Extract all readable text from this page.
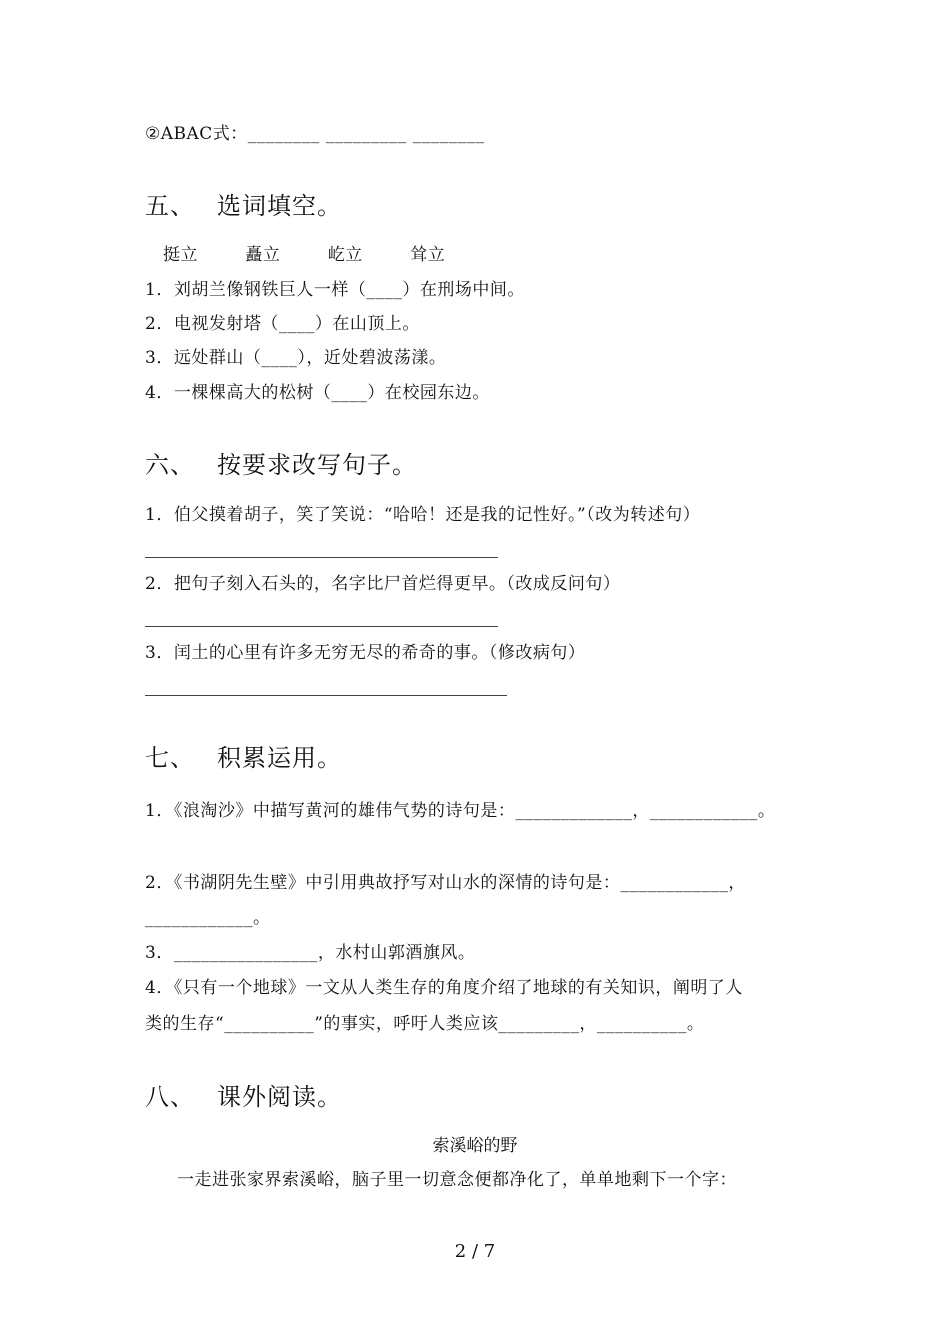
②ABAC式：________ _________ ________
五、 选词填空。
挺立	矗立	屹立	耸立
1．刘胡兰像钢铁巨人一样（____）在刑场中间。
2．电视发射塔（____）在山顶上。
3．远处群山（____），近处碧波荡漾。
4．一棵棵高大的松树（____）在校园东边。
六、 按要求改写句子。
1．伯父摸着胡子，笑了笑说：“哈哈！还是我的记性好。”（改为转述句）
2．把句子刻入石头的，名字比尸首烂得更早。（改成反问句）
3．闰土的心里有许多无穷无尽的希奇的事。（修改病句）
七、 积累运用。
1．《浪淘沙》中描写黄河的雄伟气势的诗句是：_____________，____________。
2．《书湖阴先生壁》中引用典故抒写对山水的深情的诗句是：____________，
____________。
3．________________，水村山郭酒旗风。
4．《只有一个地球》一文从人类生存的角度介绍了地球的有关知识，阐明了人
类的生存“__________”的事实，呼吁人类应该_________，__________。
八、 课外阅读。
索溪峪的野
一走进张家界索溪峪，脑子里一切意念便都净化了，单单地剩下一个字：
2 / 7
